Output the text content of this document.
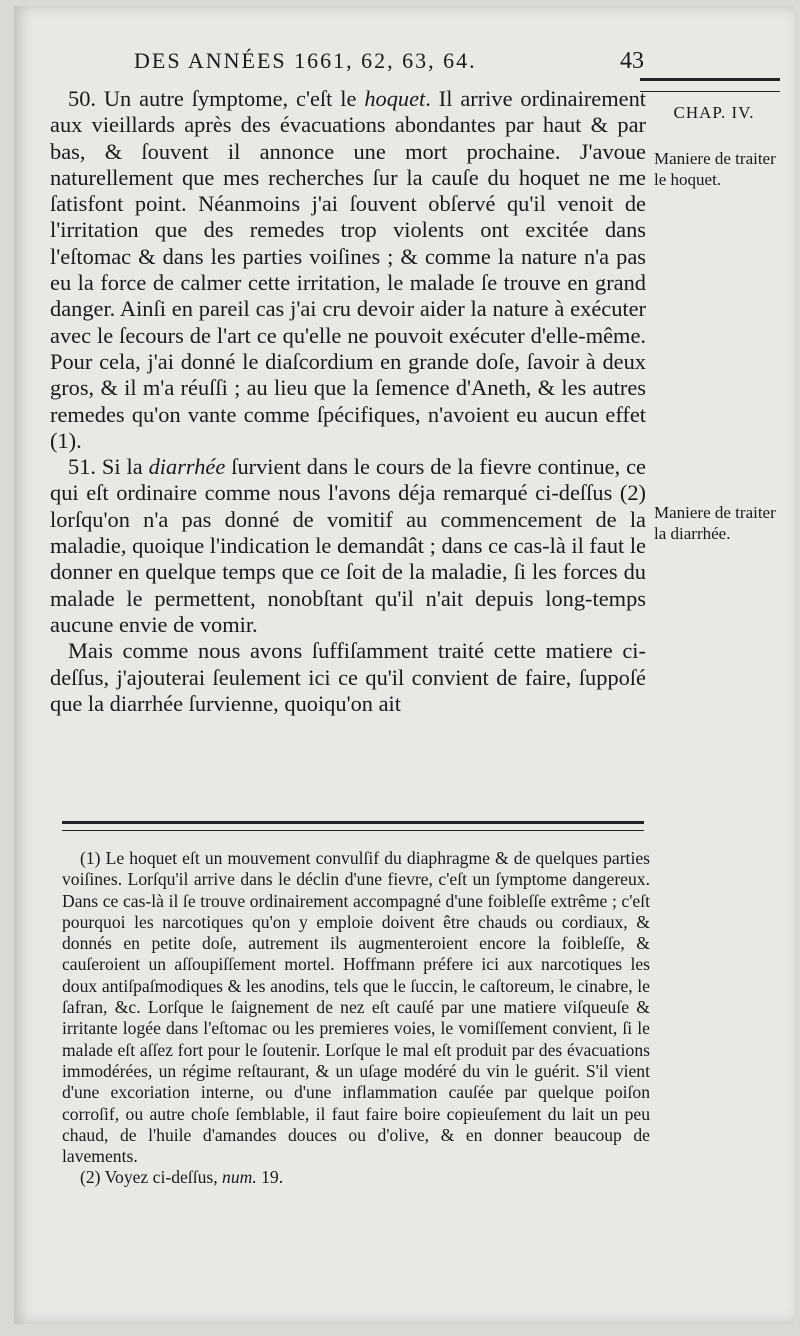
DES ANNÉES 1661, 62, 63, 64.	43
CHAP. IV.
Maniere de traiter le hoquet.
Maniere de traiter la diarrhée.

50. Un autre ſymptome, c'eſt le hoquet. Il arrive ordinairement aux vieillards après des évacuations abondantes par haut & par bas, & ſouvent il annonce une mort prochaine. J'avoue naturellement que mes recherches ſur la cauſe du hoquet ne me ſatisfont point. Néanmoins j'ai ſouvent obſervé qu'il venoit de l'irritation que des remedes trop violents ont excitée dans l'eſtomac & dans les parties voiſines ; & comme la nature n'a pas eu la force de calmer cette irritation, le malade ſe trouve en grand danger. Ainſi en pareil cas j'ai cru devoir aider la nature à exécuter avec le ſecours de l'art ce qu'elle ne pouvoit exécuter d'elle-même. Pour cela, j'ai donné le diaſcordium en grande doſe, ſavoir à deux gros, & il m'a réuſſi ; au lieu que la ſemence d'Aneth, & les autres remedes qu'on vante comme ſpécifiques, n'avoient eu aucun effet (1).

51. Si la diarrhée ſurvient dans le cours de la fievre continue, ce qui eſt ordinaire comme nous l'avons déja remarqué ci-deſſus (2) lorſqu'on n'a pas donné de vomitif au commencement de la maladie, quoique l'indication le demandât ; dans ce cas-là il faut le donner en quelque temps que ce ſoit de la maladie, ſi les forces du malade le permettent, nonobſtant qu'il n'ait depuis long-temps aucune envie de vomir.

Mais comme nous avons ſuffiſamment traité cette matiere ci-deſſus, j'ajouterai ſeulement ici ce qu'il convient de faire, ſuppoſé que la diarrhée ſurvienne, quoiqu'on ait

(1) Le hoquet eſt un mouvement convulſif du diaphragme & de quelques parties voiſines. Lorſqu'il arrive dans le déclin d'une fievre, c'eſt un ſymptome dangereux. Dans ce cas-là il ſe trouve ordinairement accompagné d'une foibleſſe extrême ; c'eſt pourquoi les narcotiques qu'on y emploie doivent être chauds ou cordiaux, & donnés en petite doſe, autrement ils augmenteroient encore la foibleſſe, & cauſeroient un aſſoupiſſement mortel. Hoffmann préfere ici aux narcotiques les doux antiſpaſmodiques & les anodins, tels que le ſuccin, le caſtoreum, le cinabre, le ſafran, &c. Lorſque le ſaignement de nez eſt cauſé par une matiere viſqueuſe & irritante logée dans l'eſtomac ou les premieres voies, le vomiſſement convient, ſi le malade eſt aſſez fort pour le ſoutenir. Lorſque le mal eſt produit par des évacuations immodérées, un régime reſtaurant, & un uſage modéré du vin le guérit. S'il vient d'une excoriation interne, ou d'une inflammation cauſée par quelque poiſon corroſif, ou autre choſe ſemblable, il faut faire boire copieuſement du lait un peu chaud, de l'huile d'amandes douces ou d'olive, & en donner beaucoup de lavements.

(2) Voyez ci-deſſus, num. 19.
